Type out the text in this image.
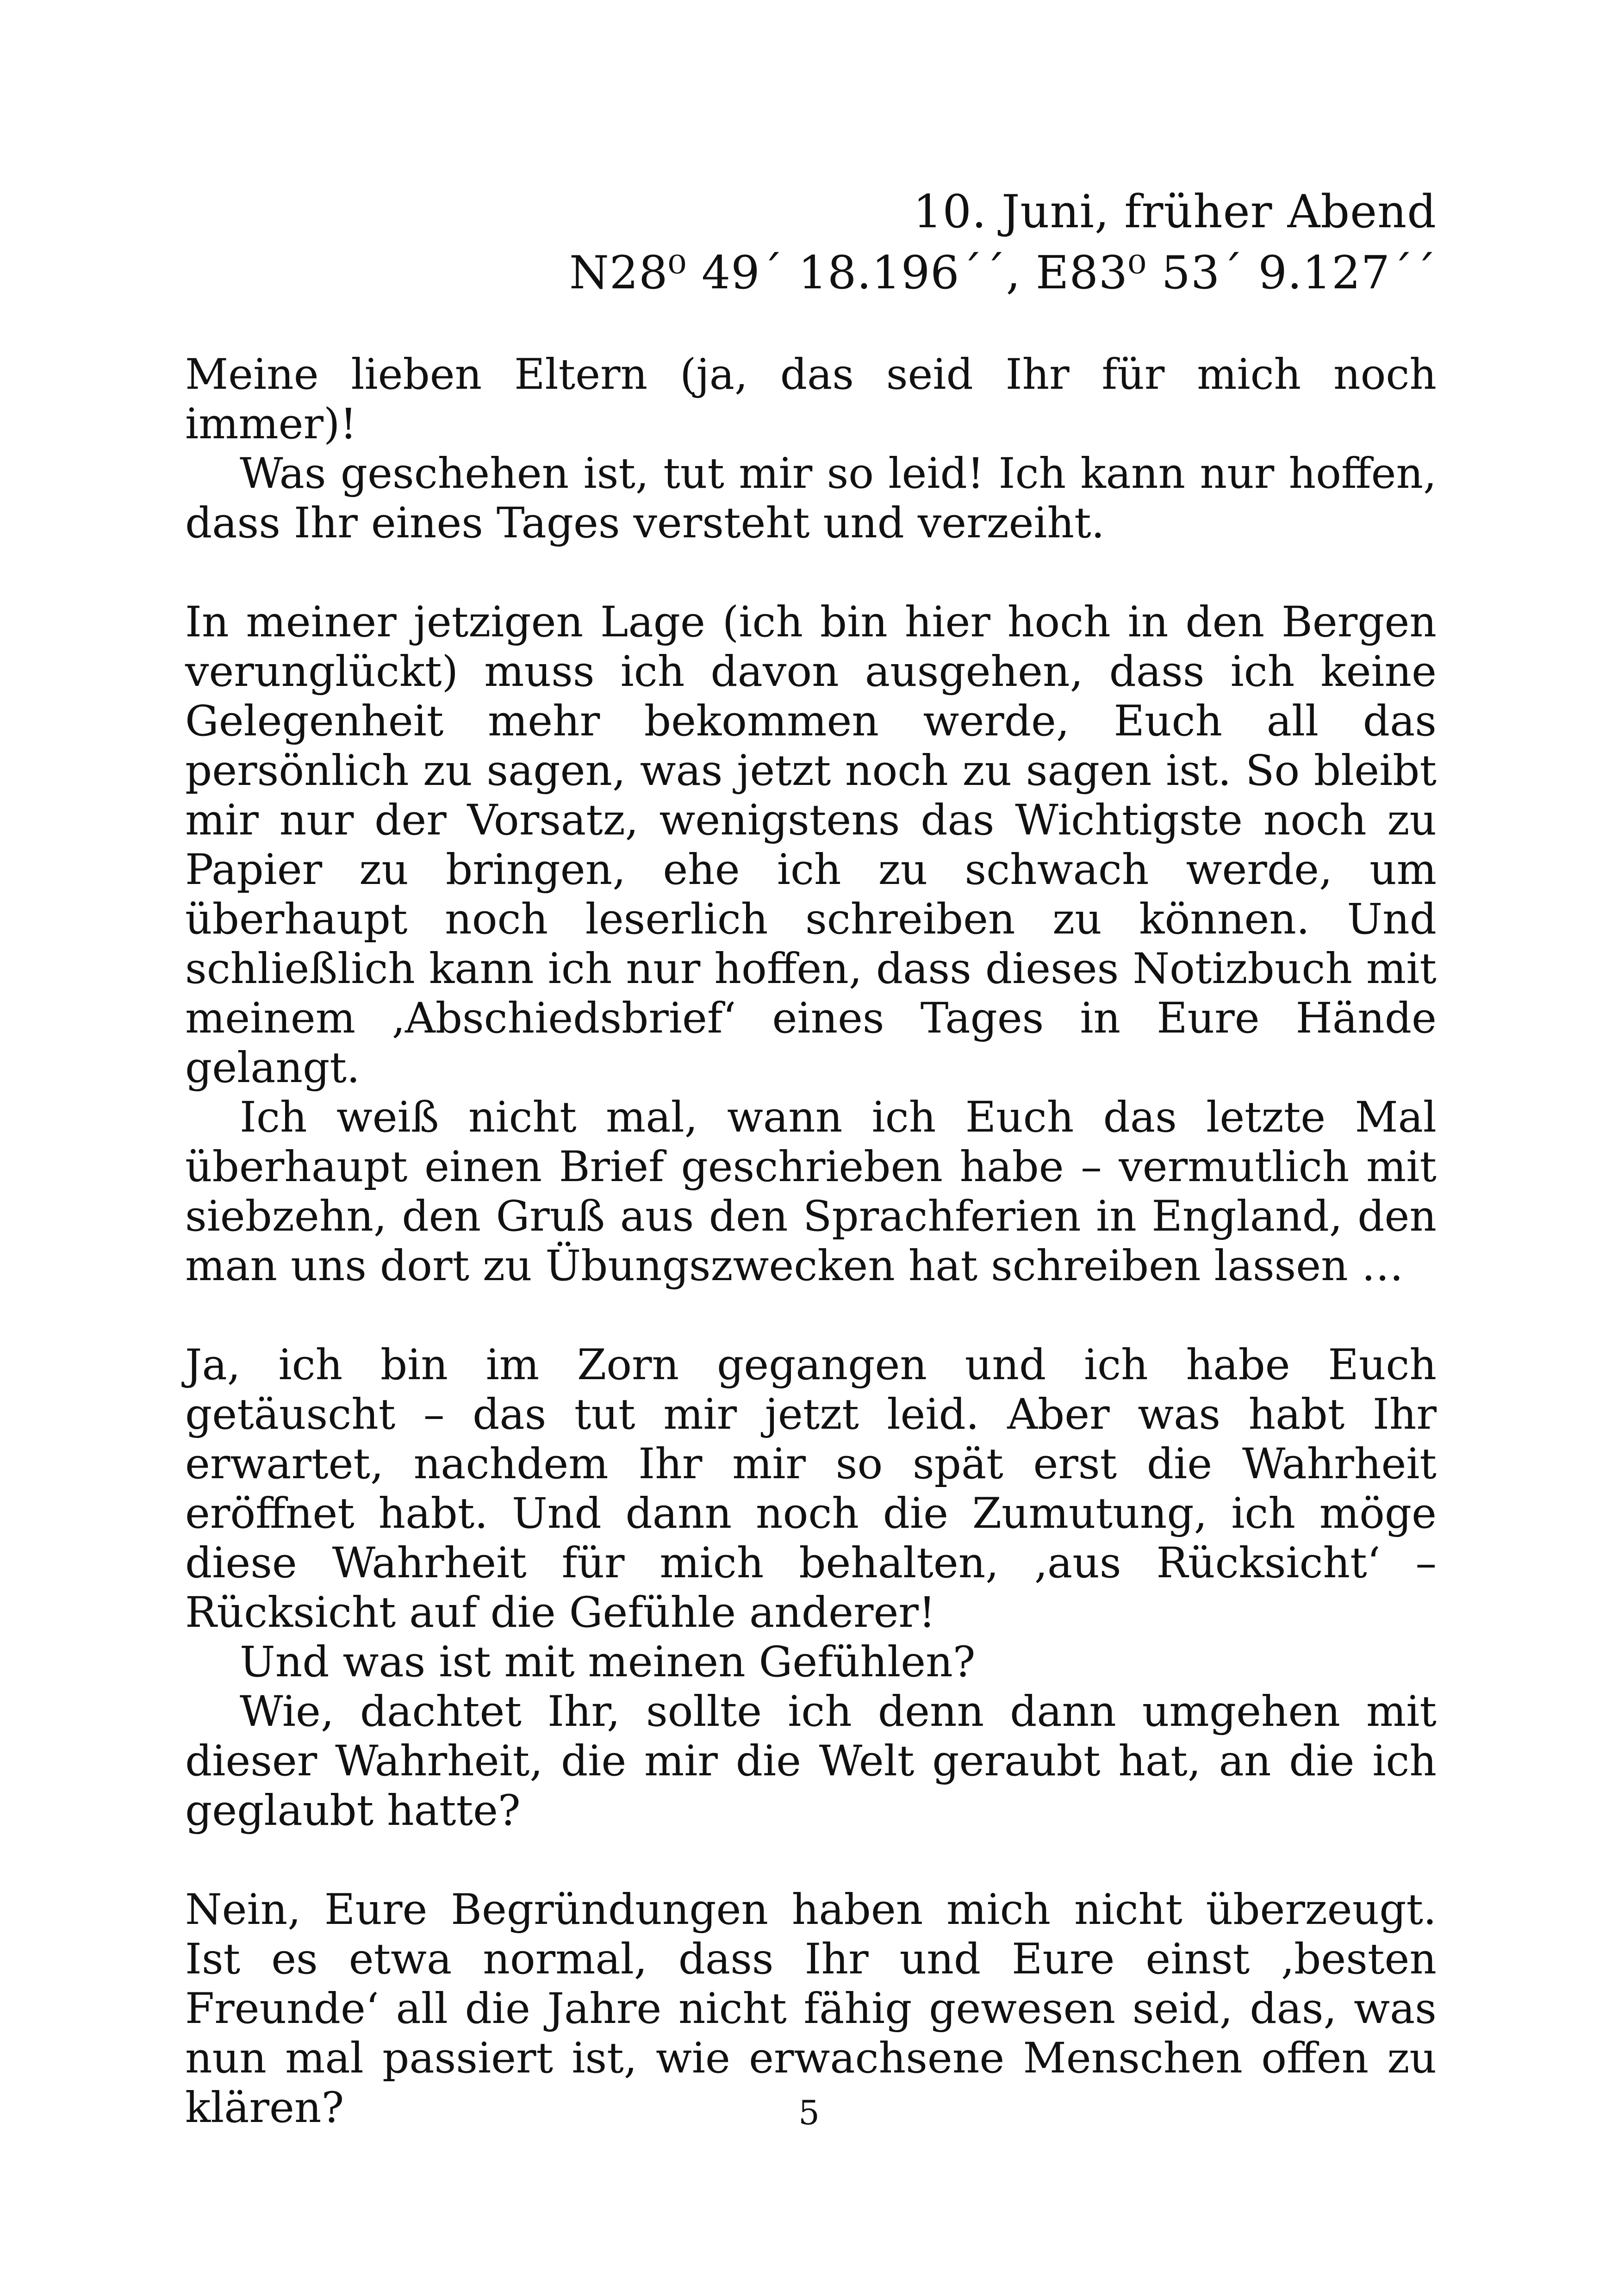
10. Juni, früher Abend
N28⁰ 49´ 18.196´´, E83⁰ 53´ 9.127´´

Meine lieben Eltern (ja, das seid Ihr für mich noch immer)!

Was geschehen ist, tut mir so leid! Ich kann nur hoffen, dass Ihr eines Tages versteht und verzeiht.

In meiner jetzigen Lage (ich bin hier hoch in den Bergen verunglückt) muss ich davon ausgehen, dass ich keine Gelegenheit mehr bekommen werde, Euch all das persönlich zu sagen, was jetzt noch zu sagen ist. So bleibt mir nur der Vorsatz, wenigstens das Wichtigste noch zu Papier zu bringen, ehe ich zu schwach werde, um überhaupt noch leserlich schreiben zu können. Und schließlich kann ich nur hoffen, dass dieses Notizbuch mit meinem ‚Abschiedsbrief‘ eines Tages in Eure Hände gelangt.

Ich weiß nicht mal, wann ich Euch das letzte Mal überhaupt einen Brief geschrieben habe – vermutlich mit siebzehn, den Gruß aus den Sprachferien in England, den man uns dort zu Übungszwecken hat schreiben lassen …

Ja, ich bin im Zorn gegangen und ich habe Euch getäuscht – das tut mir jetzt leid. Aber was habt Ihr erwartet, nachdem Ihr mir so spät erst die Wahrheit eröffnet habt. Und dann noch die Zumutung, ich möge diese Wahrheit für mich behalten, ‚aus Rücksicht‘ – Rücksicht auf die Gefühle anderer!

Und was ist mit meinen Gefühlen?

Wie, dachtet Ihr, sollte ich denn dann umgehen mit dieser Wahrheit, die mir die Welt geraubt hat, an die ich geglaubt hatte?

Nein, Eure Begründungen haben mich nicht überzeugt. Ist es etwa normal, dass Ihr und Eure einst ‚besten Freunde‘ all die Jahre nicht fähig gewesen seid, das, was nun mal passiert ist, wie erwachsene Menschen offen zu klären?	5
